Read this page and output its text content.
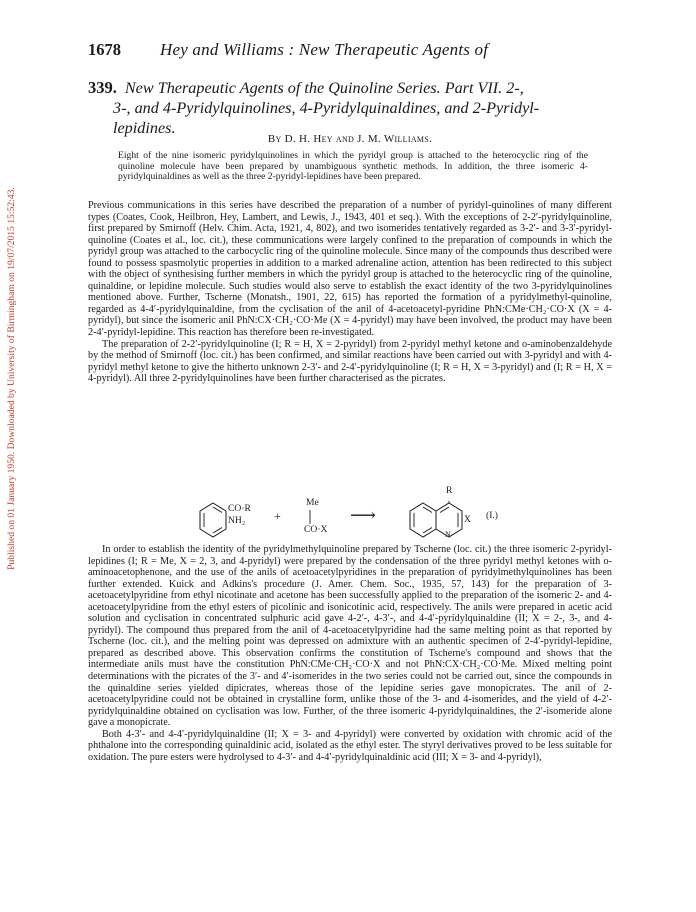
Published on 01 January 1950. Downloaded by University of Birmingham on 19/07/2015 15:52:43.
1678 Hey and Williams : New Therapeutic Agents of
339. New Therapeutic Agents of the Quinoline Series. Part VII. 2-,
3-, and 4-Pyridylquinolines, 4-Pyridylquinaldines, and 2-Pyridyl-
lepidines.
By D. H. Hey and J. M. Williams.
Eight of the nine isomeric pyridylquinolines in which the pyridyl group is attached to the heterocyclic ring of the quinoline molecule have been prepared by unambiguous synthetic methods. In addition, the three isomeric 4-pyridylquinaldines as well as the three 2-pyridyl-lepidines have been prepared.

Previous communications in this series have described the preparation of a number of pyridyl-quinolines of many different types (Coates, Cook, Heilbron, Hey, Lambert, and Lewis, J., 1943, 401 et seq.). With the exceptions of 2-2′-pyridylquinoline, first prepared by Smirnoff (Helv. Chim. Acta, 1921, 4, 802), and two isomerides tentatively regarded as 3-2′- and 3-3′-pyridyl-quinoline (Coates et al., loc. cit.), these communications were largely confined to the preparation of compounds in which the pyridyl group was attached to the carbocyclic ring of the quinoline molecule. Since many of the compounds thus described were found to possess spasmolytic properties in addition to a marked adrenaline action, attention has been redirected to this subject with the object of synthesising further members in which the pyridyl group is attached to the heterocyclic ring of the quinoline, quinaldine, or lepidine molecule. Such studies would also serve to establish the exact identity of the two 3-pyridylquinolines mentioned above. Further, Tscherne (Monatsh., 1901, 22, 615) has reported the formation of a pyridylmethyl-quinoline, regarded as 4-4′-pyridylquinaldine, from the cyclisation of the anil of 4-acetoacetyl-pyridine PhN:CMe·CH₂·CO·X (X = 4-pyridyl), but since the isomeric anil PhN:CX·CH₂·CO·Me (X = 4-pyridyl) may have been involved, the product may have been 2-4′-pyridyl-lepidine. This reaction has therefore been re-investigated.

The preparation of 2-2′-pyridylquinoline (I; R = H, X = 2-pyridyl) from 2-pyridyl methyl ketone and o-aminobenzaldehyde by the method of Smirnoff (loc. cit.) has been confirmed, and similar reactions have been carried out with 3-pyridyl and with 4-pyridyl methyl ketone to give the hitherto unknown 2-3′- and 2-4′-pyridylquinoline (I; R = H, X = 3-pyridyl) and (I; R = H, X = 4-pyridyl). All three 2-pyridylquinolines have been further characterised as the picrates.

CO·R
NH₂ +
Me
CO·X
⟶
R
X
N
(I.)

In order to establish the identity of the pyridylmethylquinoline prepared by Tscherne (loc. cit.) the three isomeric 2-pyridyl-lepidines (I; R = Me, X = 2, 3, and 4-pyridyl) were prepared by the condensation of the three pyridyl methyl ketones with o-aminoacetophenone, and the use of the anils of acetoacetylpyridines in the preparation of pyridylmethylquinolines has been further extended. Kuick and Adkins's procedure (J. Amer. Chem. Soc., 1935, 57, 143) for the preparation of 3-acetoacetylpyridine from ethyl nicotinate and acetone has been successfully applied to the preparation of the isomeric 2- and 4-acetoacetylpyridine from the ethyl esters of picolinic and isonicotinic acid, respectively. The anils were prepared in acetic acid solution and cyclisation in concentrated sulphuric acid gave 4-2′-, 4-3′-, and 4-4′-pyridylquinaldine (II; X = 2-, 3-, and 4-pyridyl). The compound thus prepared from the anil of 4-acetoacetylpyridine had the same melting point as that reported by Tscherne (loc. cit.), and the melting point was depressed on admixture with an authentic specimen of 2-4′-pyridyl-lepidine, prepared as described above. This observation confirms the constitution of Tscherne's compound and shows that the intermediate anils must have the constitution PhN:CMe·CH₂·CO·X and not PhN:CX·CH₂·CO·Me. Mixed melting point determinations with the picrates of the 3′- and 4′-isomerides in the two series could not be carried out, since the compounds in the quinaldine series yielded dipicrates, whereas those of the lepidine series gave monopicrates. The anil of 2-acetoacetylpyridine could not be obtained in crystalline form, unlike those of the 3- and 4-isomerides, and the yield of 4-2′-pyridylquinaldine obtained on cyclisation was low. Further, of the three isomeric 4-pyridylquinaldines, the 2′-isomeride alone gave a monopicrate.

Both 4-3′- and 4-4′-pyridylquinaldine (II; X = 3- and 4-pyridyl) were converted by oxidation with chromic acid of the phthalone into the corresponding quinaldinic acid, isolated as the ethyl ester. The styryl derivatives proved to be less suitable for oxidation. The pure esters were hydrolysed to 4-3′- and 4-4′-pyridylquinaldinic acid (III; X = 3- and 4-pyridyl),
